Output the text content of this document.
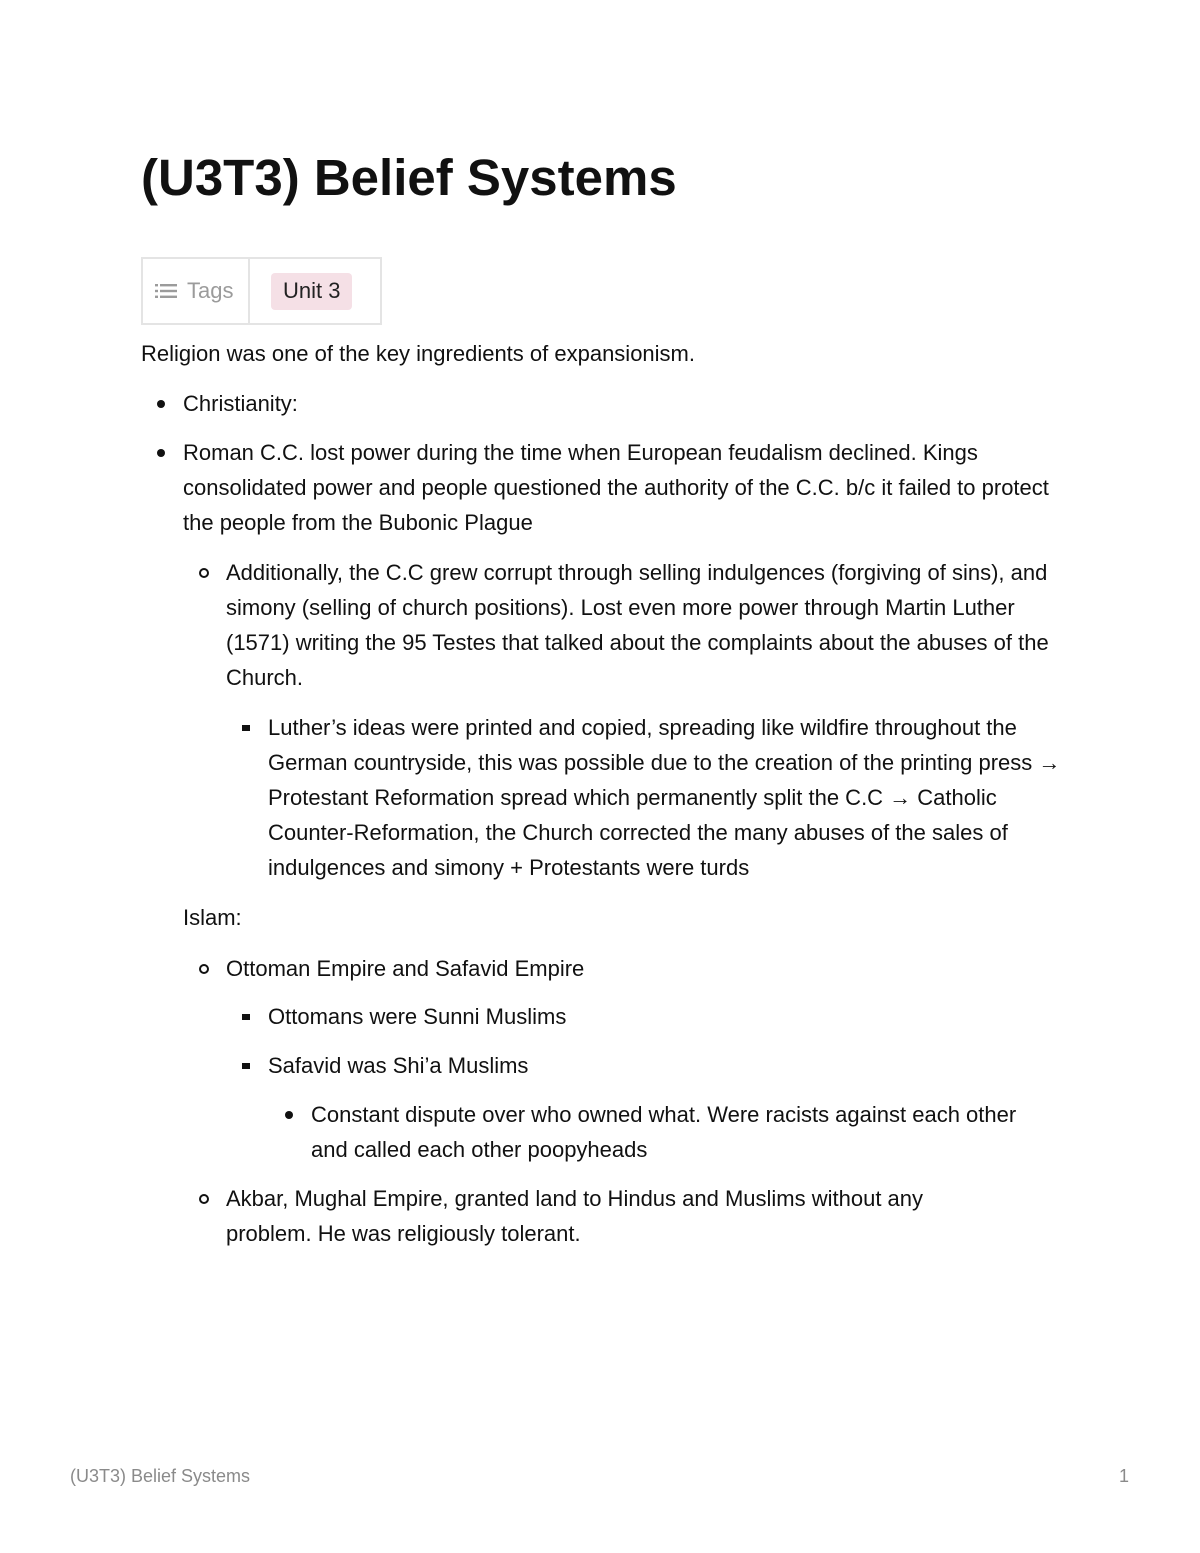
(U3T3) Belief Systems
Tags	Unit 3

Religion was one of the key ingredients of expansionism.

Christianity:
Roman C.C. lost power during the time when European feudalism declined. Kings consolidated power and people questioned the authority of the C.C. b/c it failed to protect the people from the Bubonic Plague
Additionally, the C.C grew corrupt through selling indulgences (forgiving of sins), and simony (selling of church positions). Lost even more power through Martin Luther (1571) writing the 95 Testes that talked about the complaints about the abuses of the Church.
Luther’s ideas were printed and copied, spreading like wildfire throughout the German countryside, this was possible due to the creation of the printing press → Protestant Reformation spread which permanently split the C.C → Catholic Counter-Reformation, the Church corrected the many abuses of the sales of indulgences and simony + Protestants were turds
Islam:
Ottoman Empire and Safavid Empire
Ottomans were Sunni Muslims
Safavid was Shi’a Muslims
Constant dispute over who owned what. Were racists against each other and called each other poopyheads
Akbar, Mughal Empire, granted land to Hindus and Muslims without any problem. He was religiously tolerant.
(U3T3) Belief Systems	1
